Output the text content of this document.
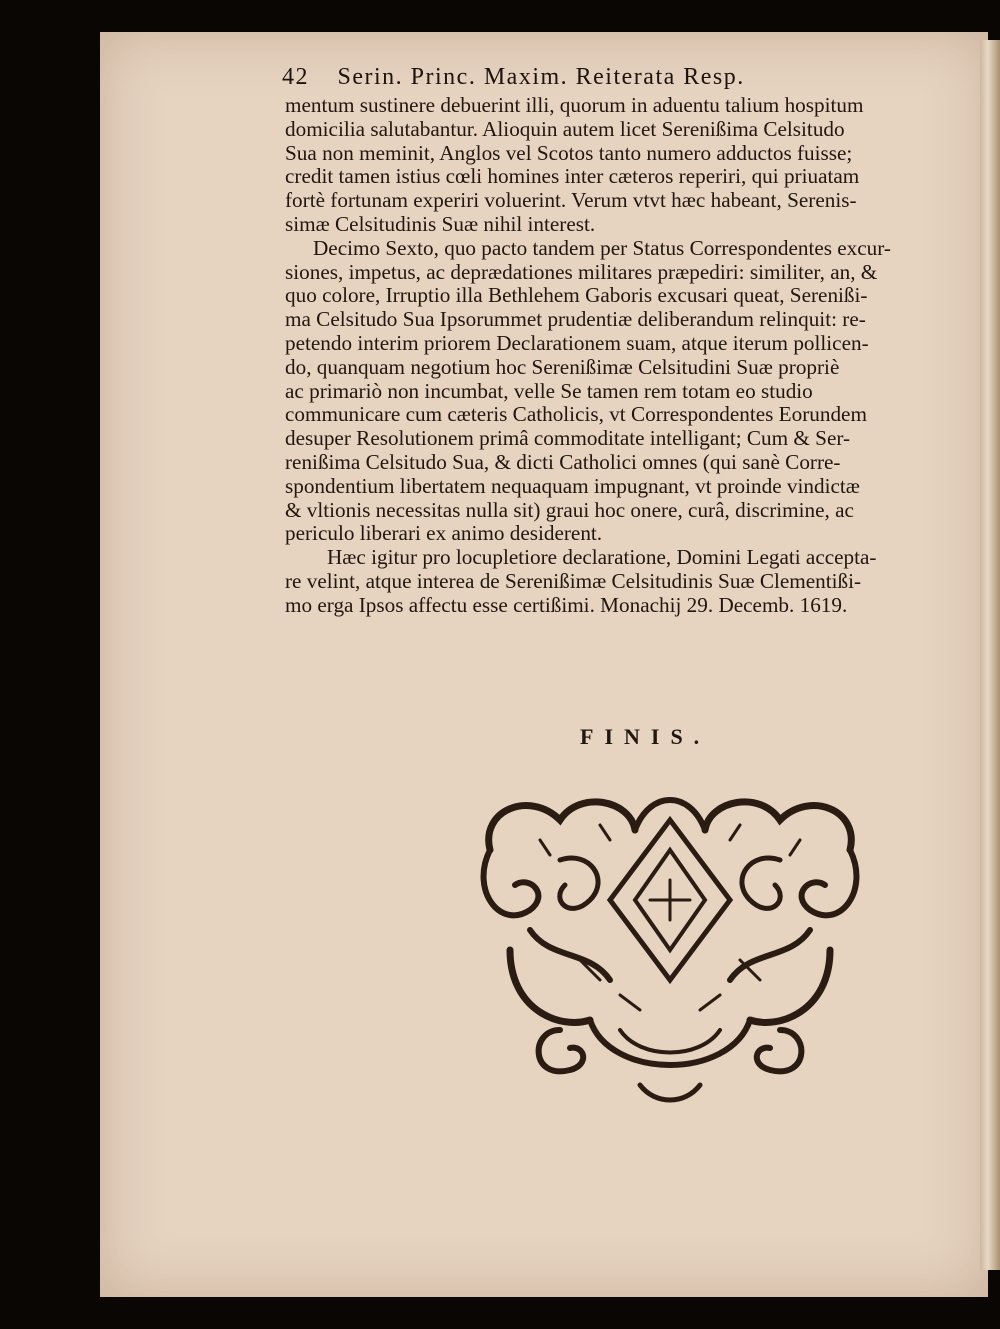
42 Serin. Princ. Maxim. Reiterata Resp.
mentum sustinere debuerint illi, quorum in aduentu talium hospitum
domicilia salutabantur. Alioquin autem licet Serenißima Celsitudo
Sua non meminit, Anglos vel Scotos tanto numero adductos fuisse;
credit tamen istius cœli homines inter cæteros reperiri, qui priuatam
fortè fortunam experiri voluerint. Verum vtvt hæc habeant, Serenis-
simæ Celsitudinis Suæ nihil interest.
Decimo Sexto, quo pacto tandem per Status Correspondentes excur-
siones, impetus, ac deprædationes militares præpediri: similiter, an, &
quo colore, Irruptio illa Bethlehem Gaboris excusari queat, Serenißi-
ma Celsitudo Sua Ipsorummet prudentiæ deliberandum relinquit: re-
petendo interim priorem Declarationem suam, atque iterum pollicen-
do, quanquam negotium hoc Serenißimæ Celsitudini Suæ propriè
ac primariò non incumbat, velle Se tamen rem totam eo studio
communicare cum cæteris Catholicis, vt Correspondentes Eorundem
desuper Resolutionem primâ commoditate intelligant; Cum & Ser-
renißima Celsitudo Sua, & dicti Catholici omnes (qui sanè Corre-
spondentium libertatem nequaquam impugnant, vt proinde vindictæ
& vltionis necessitas nulla sit) graui hoc onere, curâ, discrimine, ac
periculo liberari ex animo desiderent.
Hæc igitur pro locupletiore declaratione, Domini Legati accepta-
re velint, atque interea de Serenißimæ Celsitudinis Suæ Clementißi-
mo erga Ipsos affectu esse certißimi. Monachij 29. Decemb. 1619.
FINIS.
